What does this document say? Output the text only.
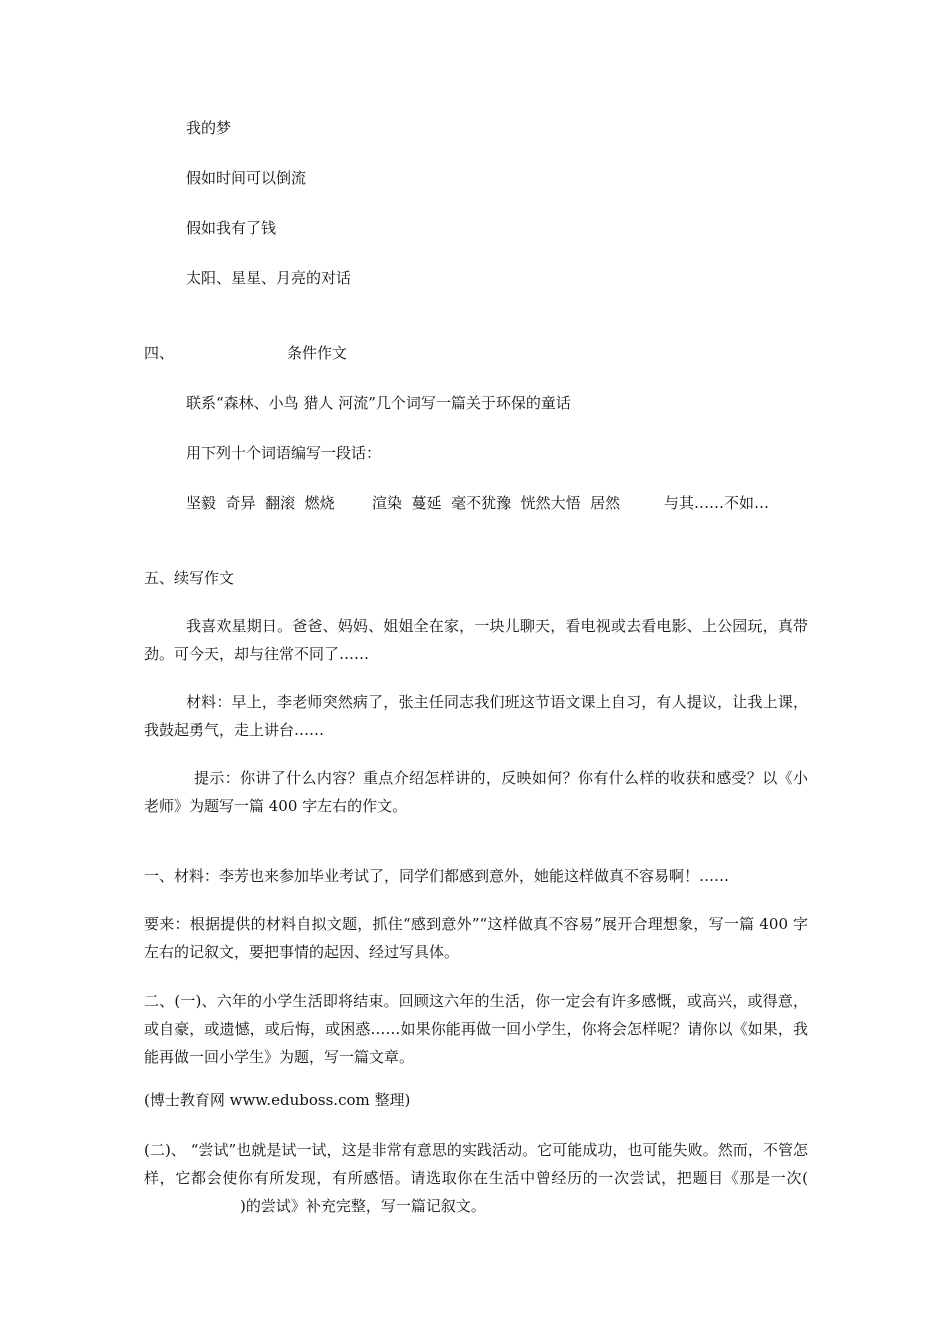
我的梦
假如时间可以倒流
假如我有了钱
太阳、星星、月亮的对话
四、	条件作文
联系“森林、小鸟 猎人 河流”几个词写一篇关于环保的童话
用下列十个词语编写一段话：
坚毅  奇异  翻滚  燃烧 渲染  蔓延  毫不犹豫  恍然大悟  居然	与其……不如…
五、续写作文
我喜欢星期日。爸爸、妈妈、姐姐全在家，一块儿聊天，看电视或去看电影、上公园玩，真带劲。可今天，却与往常不同了……
材料：早上，李老师突然病了，张主任同志我们班这节语文课上自习，有人提议，让我上课，我鼓起勇气，走上讲台……
提示：你讲了什么内容？重点介绍怎样讲的，反映如何？你有什么样的收获和感受？以《小老师》为题写一篇 400 字左右的作文。
一、材料：李芳也来参加毕业考试了，同学们都感到意外，她能这样做真不容易啊！……
要来：根据提供的材料自拟文题，抓住“感到意外”“这样做真不容易”展开合理想象，写一篇 400 字左右的记叙文，要把事情的起因、经过写具体。
二、(一)、六年的小学生活即将结束。回顾这六年的生活，你一定会有许多感慨，或高兴，或得意，或自豪，或遗憾，或后悔，或困惑……如果你能再做一回小学生，你将会怎样呢？请你以《如果，我能再做一回小学生》为题，写一篇文章。
(博士教育网 www.eduboss.com 整理)
(二)、 “尝试”也就是试一试，这是非常有意思的实践活动。它可能成功，也可能失败。然而，不管怎样，它都会使你有所发现，有所感悟。请选取你在生活中曾经历的一次尝试，把题目《那是一次()的尝试》补充完整，写一篇记叙文。
